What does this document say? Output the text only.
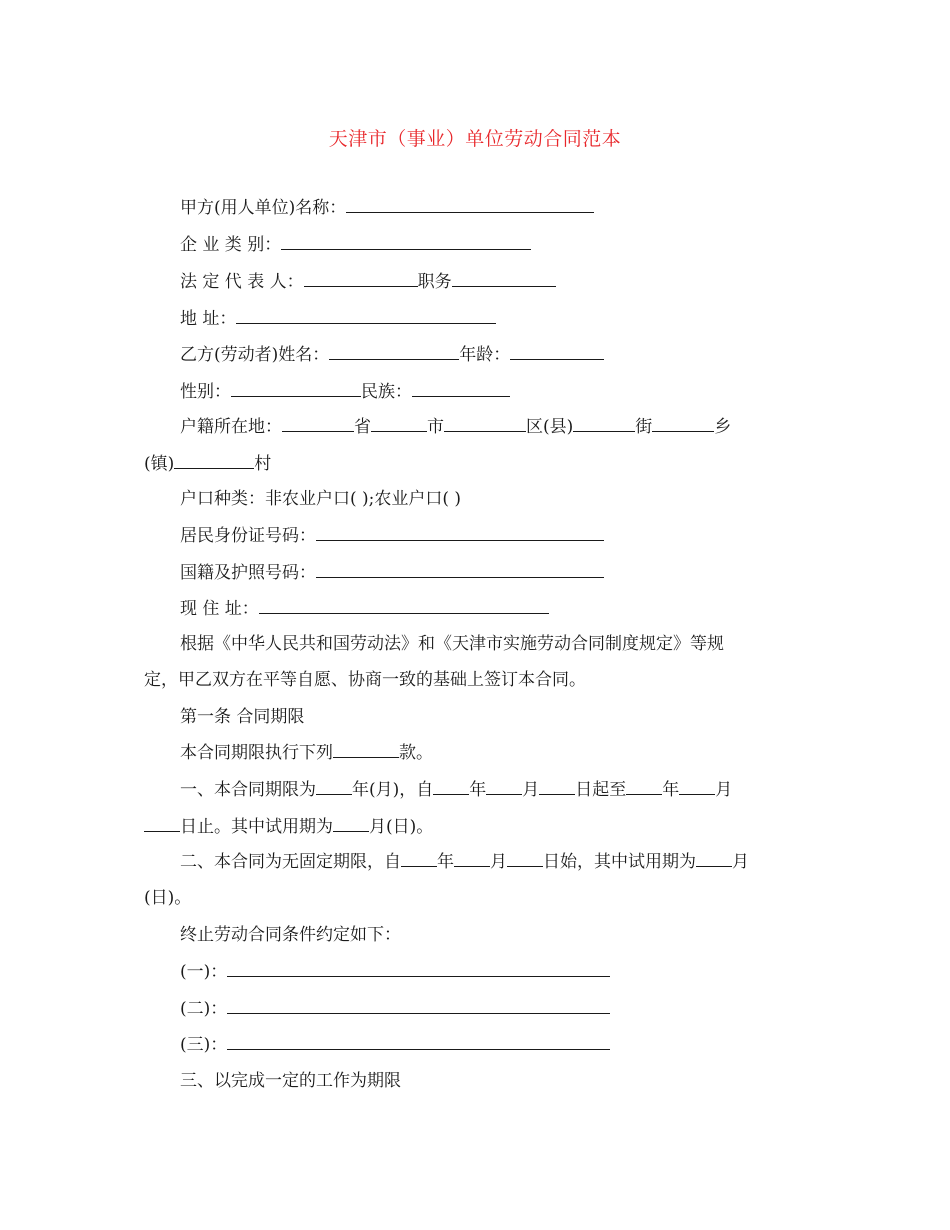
天津市（事业）单位劳动合同范本
甲方(用人单位)名称：
企 业 类 别：
法 定 代 表 人：	职务
地 址：
乙方(劳动者)姓名：	年龄：
性别：	民族：
户籍所在地：	省	市	区(县)	街	乡
(镇)	村
户口种类：非农业户口( );农业户口( )
居民身份证号码：
国籍及护照号码：
现 住 址：
根据《中华人民共和国劳动法》和《天津市实施劳动合同制度规定》等规
定，甲乙双方在平等自愿、协商一致的基础上签订本合同。
第一条 合同期限
本合同期限执行下列	款。
一、本合同期限为 年(月)，自 年 月 日起至 年 月
日止。其中试用期为 月(日)。
二、本合同为无固定期限，自 年 月 日始，其中试用期为 月
(日)。
终止劳动合同条件约定如下：
(一)：
(二)：
(三)：
三、以完成一定的工作为期限
